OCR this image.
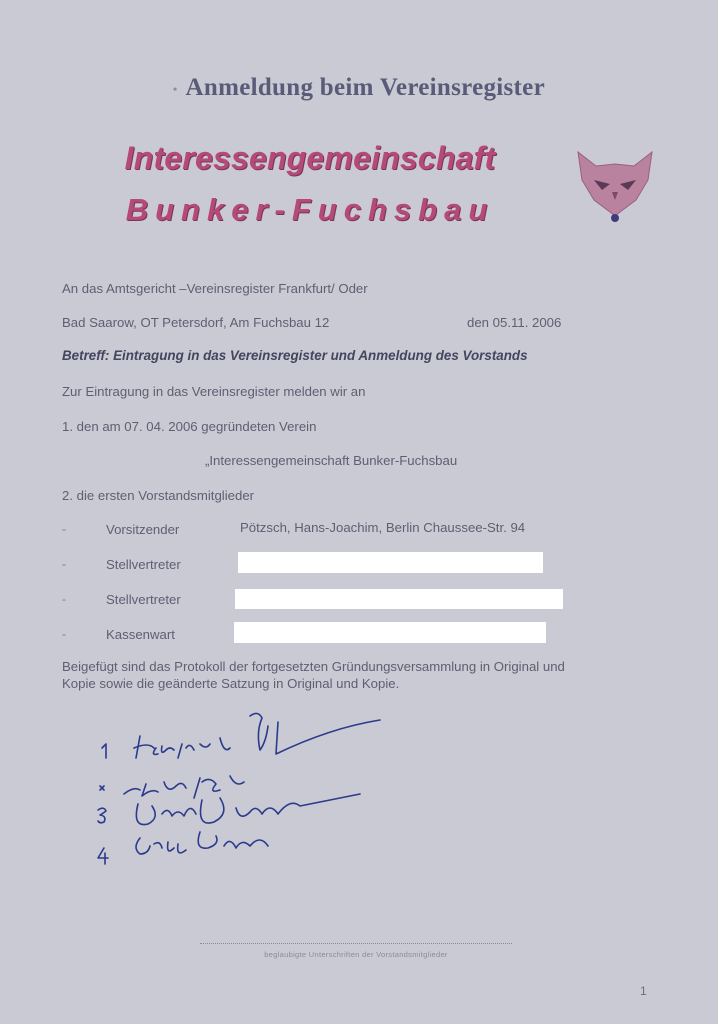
• Anmeldung beim Vereinsregister
Interessengemeinschaft
Bunker-Fuchsbau
An das Amtsgericht –Vereinsregister Frankfurt/ Oder
Bad Saarow, OT Petersdorf, Am Fuchsbau 12	den 05.11. 2006
Betreff: Eintragung in das Vereinsregister und Anmeldung des Vorstands
Zur Eintragung in das Vereinsregister melden wir an
1. den am 07. 04. 2006 gegründeten Verein
„Interessengemeinschaft Bunker-Fuchsbau
2. die ersten Vorstandsmitglieder
-	Vorsitzender	Pötzsch, Hans-Joachim, Berlin Chaussee-Str. 94
-	Stellvertreter
-	Stellvertreter
-	Kassenwart
Beigefügt sind das Protokoll der fortgesetzten Gründungsversammlung in Original und
Kopie sowie die geänderte Satzung in Original und Kopie.
beglaubigte Unterschriften der Vorstandsmitglieder
1
